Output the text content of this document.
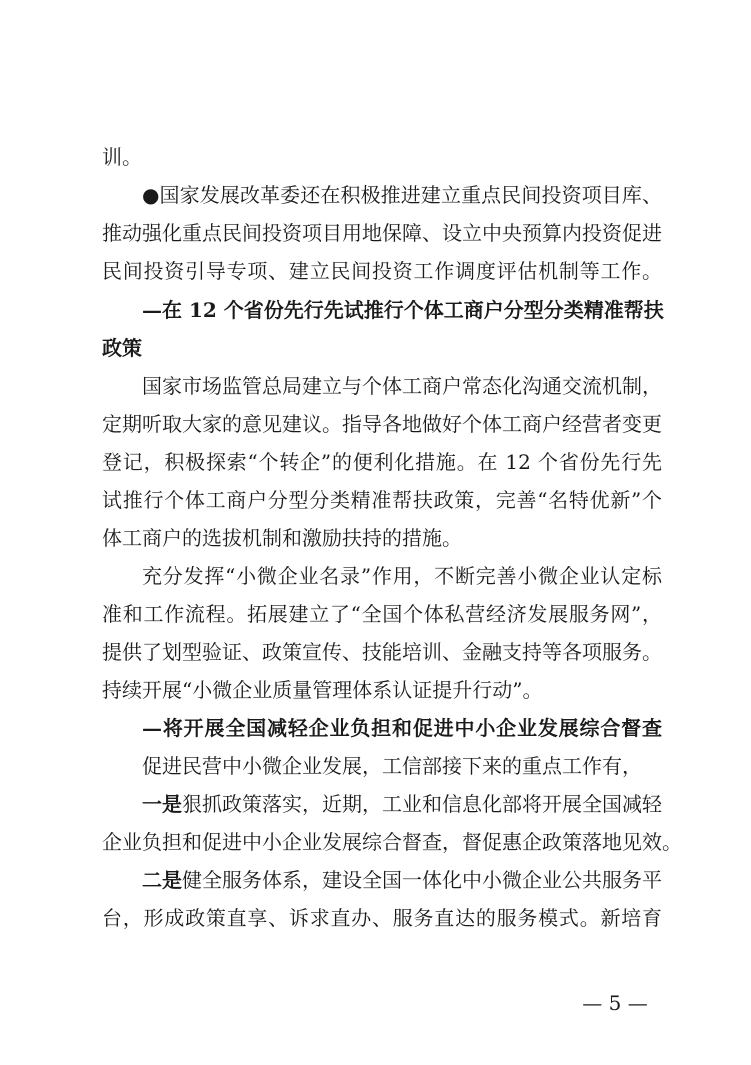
训。
●国家发展改革委还在积极推进建立重点民间投资项目库、
推动强化重点民间投资项目用地保障、设立中央预算内投资促进
民间投资引导专项、建立民间投资工作调度评估机制等工作。
—在 12 个省份先行先试推行个体工商户分型分类精准帮扶
政策
国家市场监管总局建立与个体工商户常态化沟通交流机制，
定期听取大家的意见建议。指导各地做好个体工商户经营者变更
登记，积极探索“个转企”的便利化措施。在 12 个省份先行先
试推行个体工商户分型分类精准帮扶政策，完善“名特优新”个
体工商户的选拔机制和激励扶持的措施。
充分发挥“小微企业名录”作用，不断完善小微企业认定标
准和工作流程。拓展建立了“全国个体私营经济发展服务网”，
提供了划型验证、政策宣传、技能培训、金融支持等各项服务。
持续开展“小微企业质量管理体系认证提升行动”。
—将开展全国减轻企业负担和促进中小企业发展综合督查
促进民营中小微企业发展，工信部接下来的重点工作有，
一是狠抓政策落实，近期，工业和信息化部将开展全国减轻
企业负担和促进中小企业发展综合督查，督促惠企政策落地见效。
二是健全服务体系，建设全国一体化中小微企业公共服务平
台，形成政策直享、诉求直办、服务直达的服务模式。新培育
— 5 —
